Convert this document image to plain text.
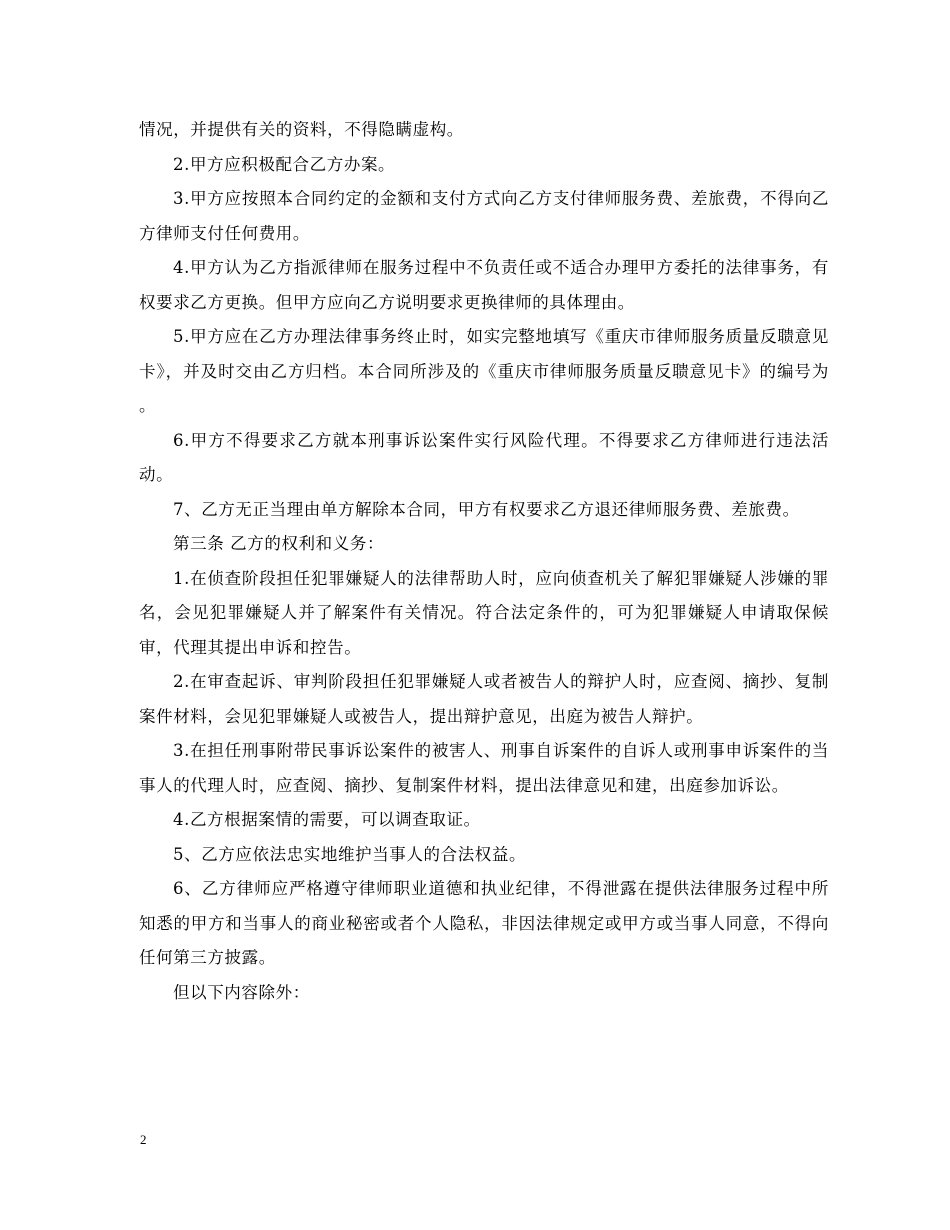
情况，并提供有关的资料，不得隐瞒虚构。

2.甲方应积极配合乙方办案。

3.甲方应按照本合同约定的金额和支付方式向乙方支付律师服务费、差旅费，不得向乙方律师支付任何费用。

4.甲方认为乙方指派律师在服务过程中不负责任或不适合办理甲方委托的法律事务，有权要求乙方更换。但甲方应向乙方说明要求更换律师的具体理由。

5.甲方应在乙方办理法律事务终止时，如实完整地填写《重庆市律师服务质量反聩意见卡》，并及时交由乙方归档。本合同所涉及的《重庆市律师服务质量反聩意见卡》的编号为 。

6.甲方不得要求乙方就本刑事诉讼案件实行风险代理。不得要求乙方律师进行违法活动。

7、乙方无正当理由单方解除本合同，甲方有权要求乙方退还律师服务费、差旅费。

第三条 乙方的权利和义务：

1.在侦查阶段担任犯罪嫌疑人的法律帮助人时，应向侦查机关了解犯罪嫌疑人涉嫌的罪名，会见犯罪嫌疑人并了解案件有关情况。符合法定条件的，可为犯罪嫌疑人申请取保候审，代理其提出申诉和控告。

2.在审查起诉、审判阶段担任犯罪嫌疑人或者被告人的辩护人时，应查阅、摘抄、复制案件材料，会见犯罪嫌疑人或被告人，提出辩护意见，出庭为被告人辩护。

3.在担任刑事附带民事诉讼案件的被害人、刑事自诉案件的自诉人或刑事申诉案件的当事人的代理人时，应查阅、摘抄、复制案件材料，提出法律意见和建，出庭参加诉讼。

4.乙方根据案情的需要，可以调查取证。

5、乙方应依法忠实地维护当事人的合法权益。

6、乙方律师应严格遵守律师职业道德和执业纪律，不得泄露在提供法律服务过程中所知悉的甲方和当事人的商业秘密或者个人隐私，非因法律规定或甲方或当事人同意，不得向任何第三方披露。

但以下内容除外：

2
